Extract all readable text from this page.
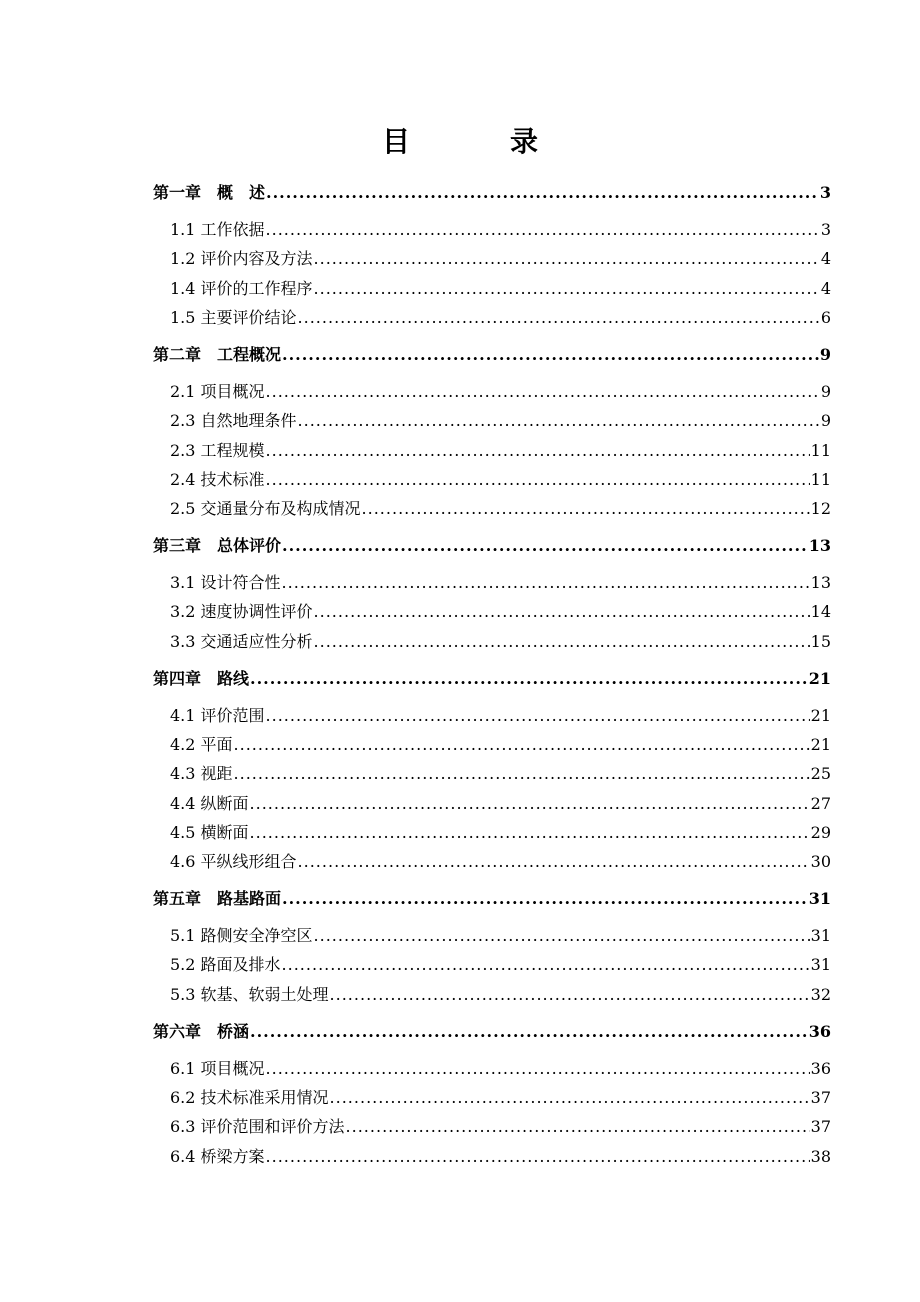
目　录
第一章　概　述 .....	3
1.1 工作依据 .....	3
1.2 评价内容及方法 .....	4
1.4 评价的工作程序 .....	4
1.5 主要评价结论 .....	6
第二章　工程概况 .....	9
2.1 项目概况 .....	9
2.3 自然地理条件 .....	9
2.3 工程规模 .....	11
2.4 技术标准 .....	11
2.5 交通量分布及构成情况 .....	12
第三章　总体评价 .....	13
3.1 设计符合性 .....	13
3.2 速度协调性评价 .....	14
3.3 交通适应性分析 .....	15
第四章　路线 .....	21
4.1 评价范围 .....	21
4.2 平面 .....	21
4.3 视距 .....	25
4.4 纵断面 .....	27
4.5 横断面 .....	29
4.6 平纵线形组合 .....	30
第五章　路基路面 .....	31
5.1 路侧安全净空区 .....	31
5.2 路面及排水 .....	31
5.3 软基、软弱土处理 .....	32
第六章　桥涵 .....	36
6.1 项目概况 .....	36
6.2 技术标准采用情况 .....	37
6.3 评价范围和评价方法 .....	37
6.4 桥梁方案 .....	38
